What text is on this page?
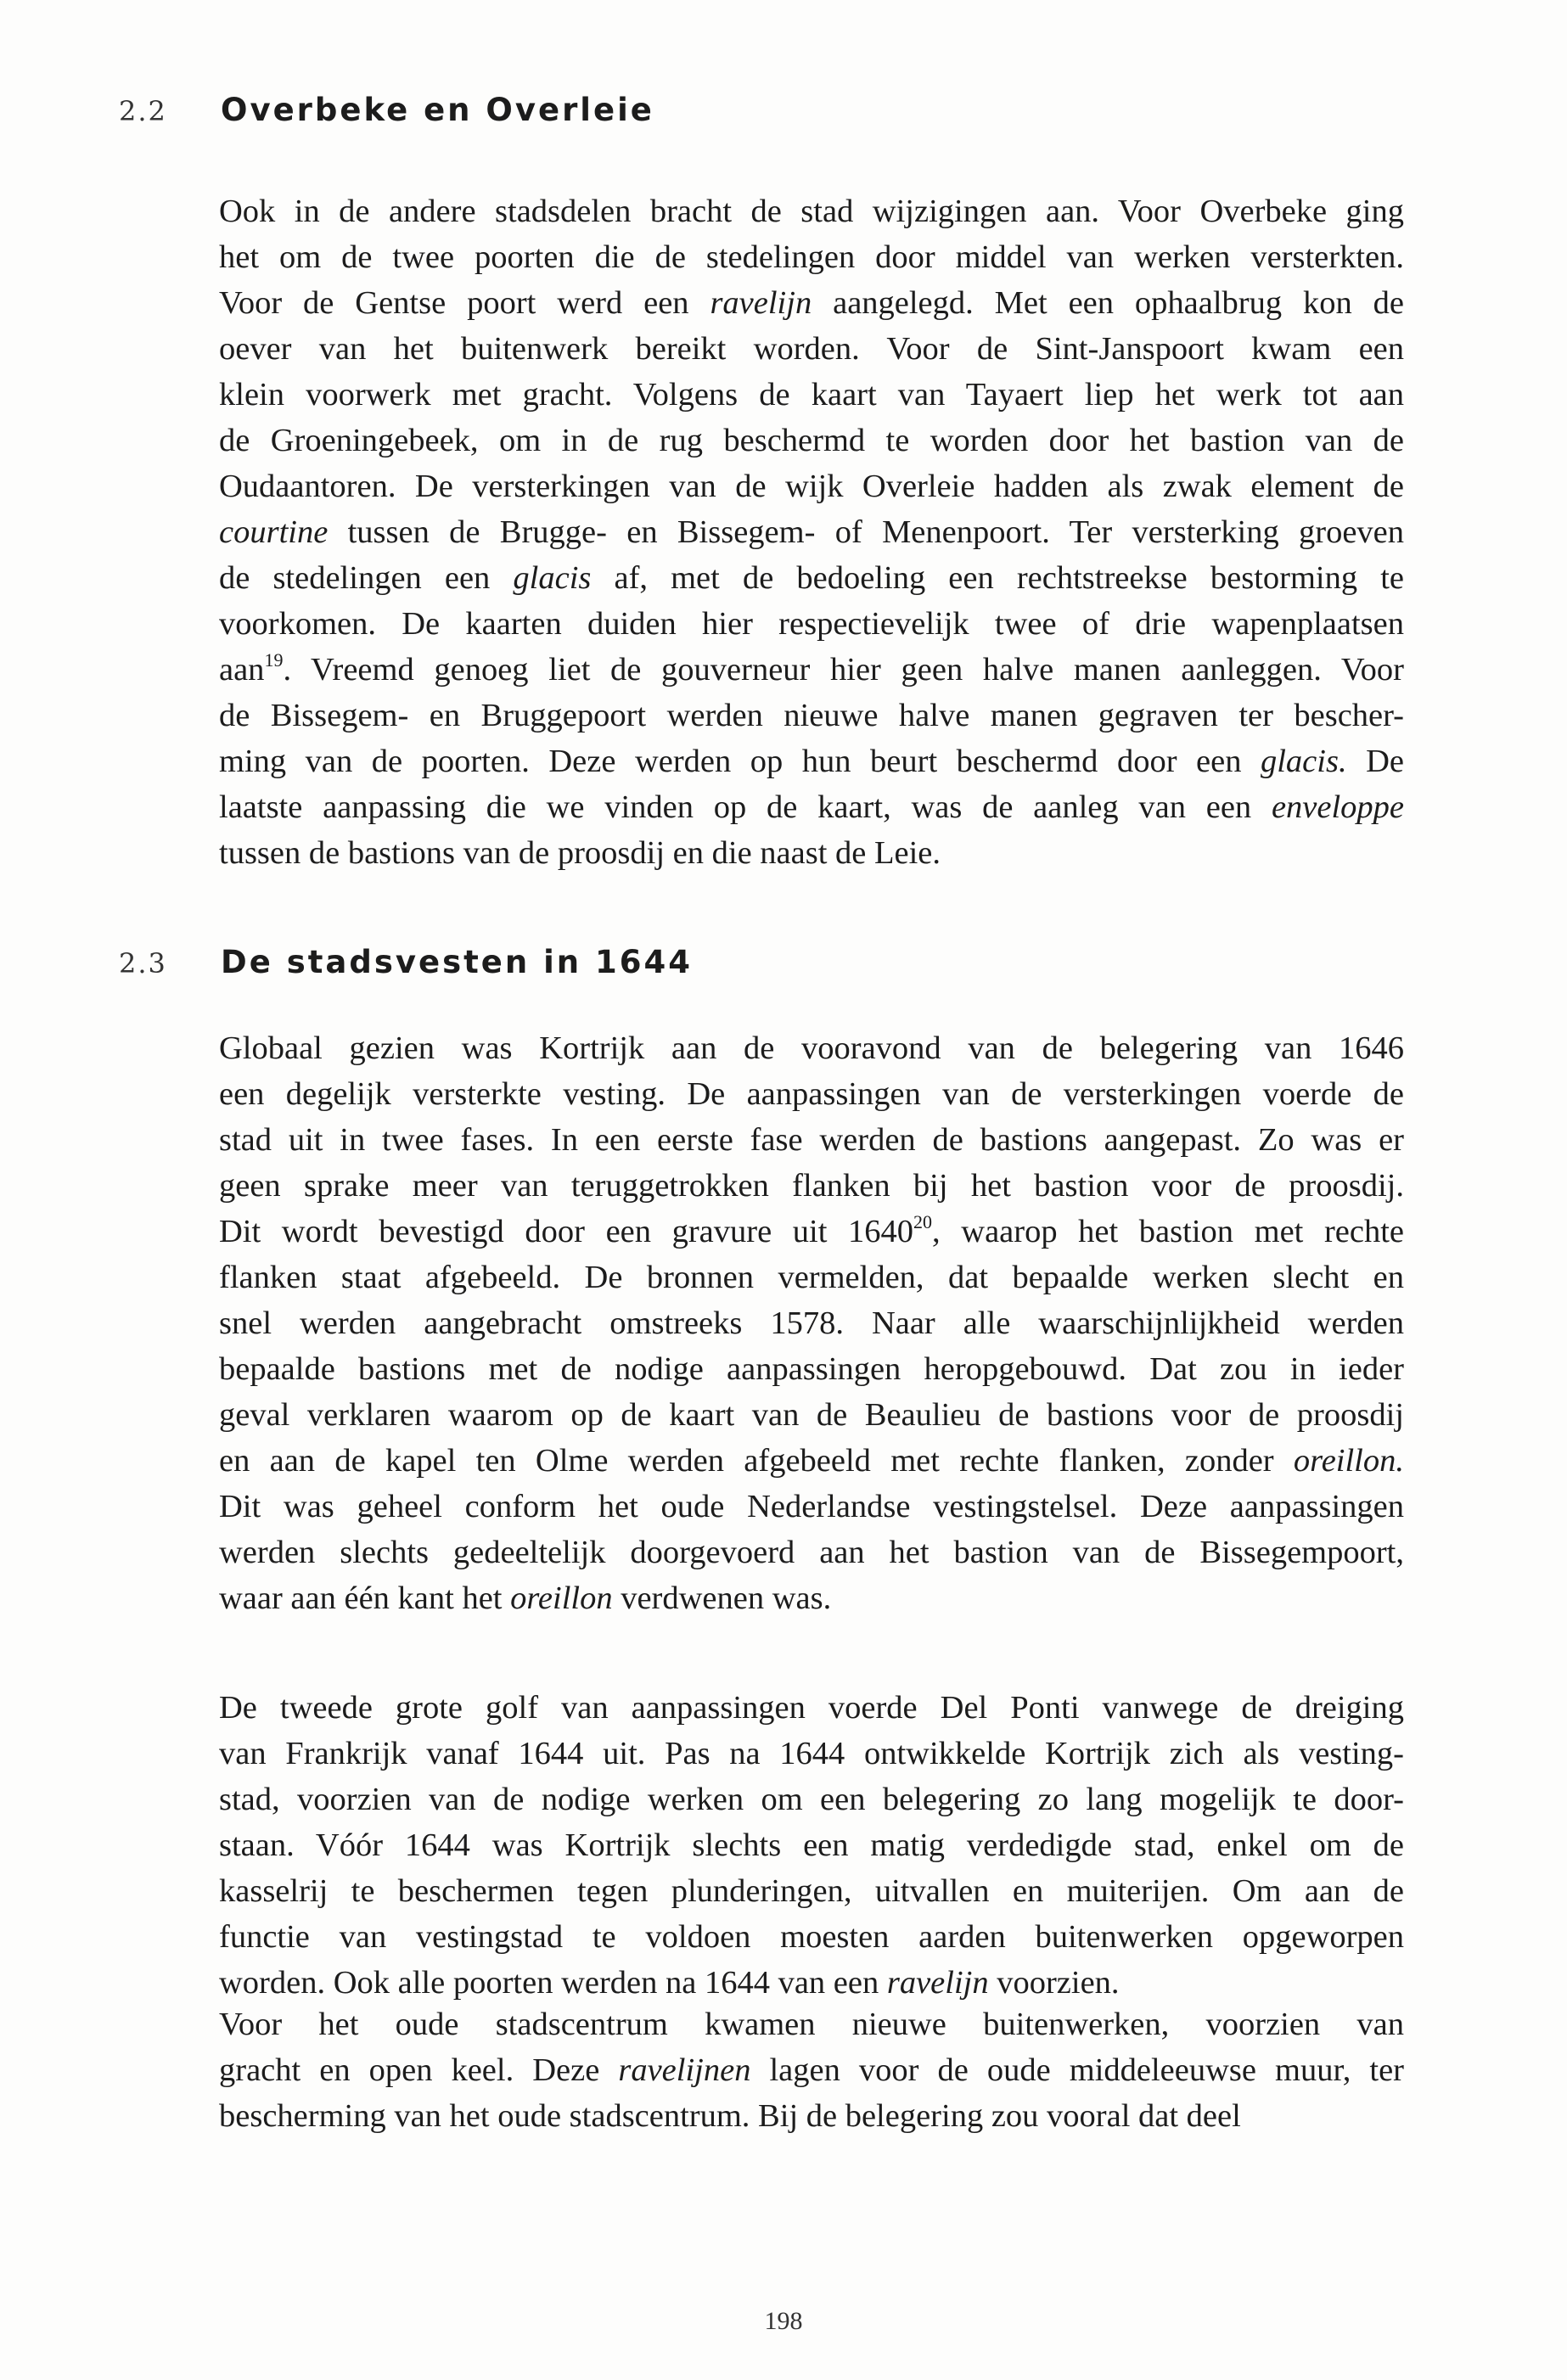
2.2	Overbeke en Overleie
Ook in de andere stadsdelen bracht de stad wijzigingen aan. Voor Overbeke ging
het om de twee poorten die de stedelingen door middel van werken versterkten.
Voor de Gentse poort werd een ravelijn aangelegd. Met een ophaalbrug kon de
oever van het buitenwerk bereikt worden. Voor de Sint-Janspoort kwam een
klein voorwerk met gracht. Volgens de kaart van Tayaert liep het werk tot aan
de Groeningebeek, om in de rug beschermd te worden door het bastion van de
Oudaantoren. De versterkingen van de wijk Overleie hadden als zwak element de
courtine tussen de Brugge- en Bissegem- of Menenpoort. Ter versterking groeven
de stedelingen een glacis af, met de bedoeling een rechtstreekse bestorming te
voorkomen. De kaarten duiden hier respectievelijk twee of drie wapenplaatsen
aan$^{19}$. Vreemd genoeg liet de gouverneur hier geen halve manen aanleggen. Voor
de Bissegem- en Bruggepoort werden nieuwe halve manen gegraven ter bescher-
ming van de poorten. Deze werden op hun beurt beschermd door een glacis. De
laatste aanpassing die we vinden op de kaart, was de aanleg van een enveloppe
tussen de bastions van de proosdij en die naast de Leie.
2.3	De stadsvesten in 1644
Globaal gezien was Kortrijk aan de vooravond van de belegering van 1646
een degelijk versterkte vesting. De aanpassingen van de versterkingen voerde de
stad uit in twee fases. In een eerste fase werden de bastions aangepast. Zo was er
geen sprake meer van teruggetrokken flanken bij het bastion voor de proosdij.
Dit wordt bevestigd door een gravure uit 1640$^{20}$, waarop het bastion met rechte
flanken staat afgebeeld. De bronnen vermelden, dat bepaalde werken slecht en
snel werden aangebracht omstreeks 1578. Naar alle waarschijnlijkheid werden
bepaalde bastions met de nodige aanpassingen heropgebouwd. Dat zou in ieder
geval verklaren waarom op de kaart van de Beaulieu de bastions voor de proosdij
en aan de kapel ten Olme werden afgebeeld met rechte flanken, zonder oreillon.
Dit was geheel conform het oude Nederlandse vestingstelsel. Deze aanpassingen
werden slechts gedeeltelijk doorgevoerd aan het bastion van de Bissegempoort,
waar aan één kant het oreillon verdwenen was.
De tweede grote golf van aanpassingen voerde Del Ponti vanwege de dreiging
van Frankrijk vanaf 1644 uit. Pas na 1644 ontwikkelde Kortrijk zich als vesting-
stad, voorzien van de nodige werken om een belegering zo lang mogelijk te door-
staan. Vóór 1644 was Kortrijk slechts een matig verdedigde stad, enkel om de
kasselrij te beschermen tegen plunderingen, uitvallen en muiterijen. Om aan de
functie van vestingstad te voldoen moesten aarden buitenwerken opgeworpen
worden. Ook alle poorten werden na 1644 van een ravelijn voorzien.
Voor het oude stadscentrum kwamen nieuwe buitenwerken, voorzien van
gracht en open keel. Deze ravelijnen lagen voor de oude middeleeuwse muur, ter
bescherming van het oude stadscentrum. Bij de belegering zou vooral dat deel
198
